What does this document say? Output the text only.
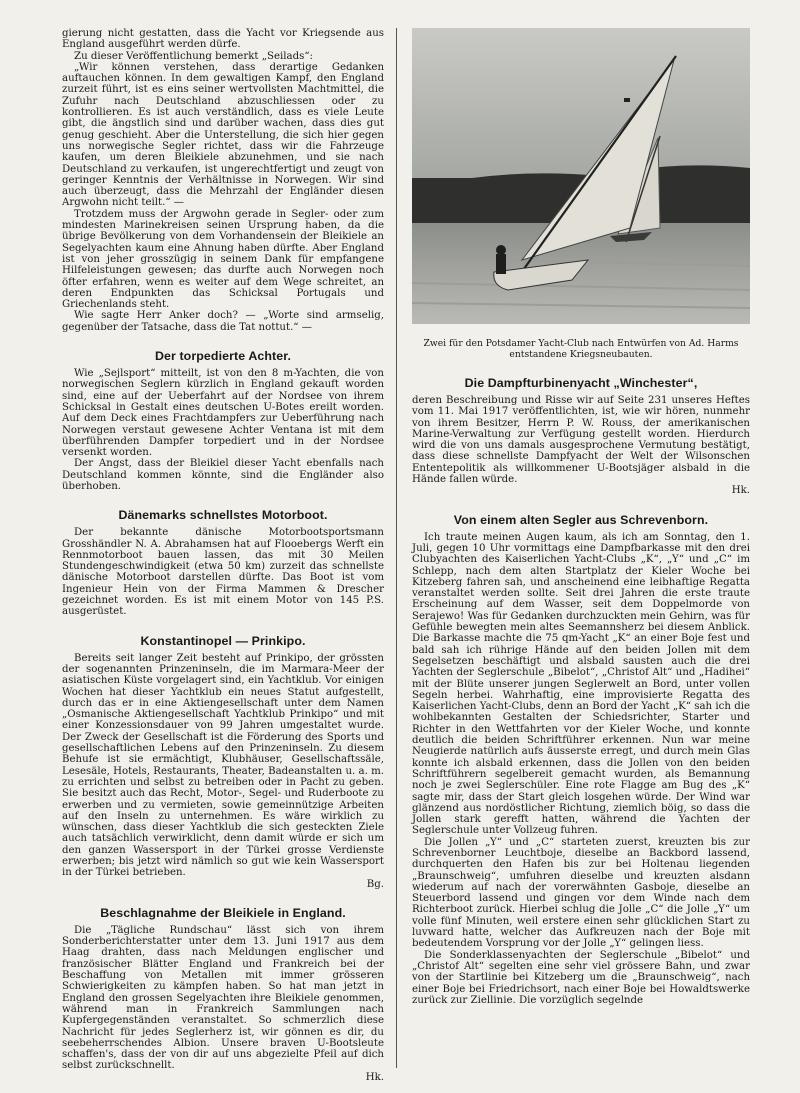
gierung nicht gestatten, dass die Yacht vor Kriegsende aus England ausgeführt werden dürfe.

Zu dieser Veröffentlichung bemerkt „Seilads“:

„Wir können verstehen, dass derartige Gedanken auftauchen können. In dem gewaltigen Kampf, den England zurzeit führt, ist es eins seiner wertvollsten Machtmittel, die Zufuhr nach Deutschland abzuschliessen oder zu kontrollieren. Es ist auch verständlich, dass es viele Leute gibt, die ängstlich sind und darüber wachen, dass dies gut genug geschieht. Aber die Unterstellung, die sich hier gegen uns norwegische Segler richtet, dass wir die Fahrzeuge kaufen, um deren Bleikiele abzunehmen, und sie nach Deutschland zu verkaufen, ist ungerechtfertigt und zeugt von geringer Kenntnis der Verhältnisse in Norwegen. Wir sind auch überzeugt, dass die Mehrzahl der Engländer diesen Argwohn nicht teilt.“ —

Trotzdem muss der Argwohn gerade in Segler- oder zum mindesten Marinekreisen seinen Ursprung haben, da die übrige Bevölkerung von dem Vorhandensein der Bleikiele an Segelyachten kaum eine Ahnung haben dürfte. Aber England ist von jeher grosszügig in seinem Dank für empfangene Hilfeleistungen gewesen; das durfte auch Norwegen noch öfter erfahren, wenn es weiter auf dem Wege schreitet, an deren Endpunkten das Schicksal Portugals und Griechenlands steht.

Wie sagte Herr Anker doch? — „Worte sind armselig, gegenüber der Tatsache, dass die Tat nottut.“ —

Der torpedierte Achter.

Wie „Sejlsport“ mitteilt, ist von den 8 m-Yachten, die von norwegischen Seglern kürzlich in England gekauft worden sind, eine auf der Ueberfahrt auf der Nordsee von ihrem Schicksal in Gestalt eines deutschen U-Botes ereilt worden. Auf dem Deck eines Frachtdampfers zur Ueberführung nach Norwegen verstaut gewesene Achter Ventana ist mit dem überführenden Dampfer torpediert und in der Nordsee versenkt worden.

Der Angst, dass der Bleikiel dieser Yacht ebenfalls nach Deutschland kommen könnte, sind die Engländer also überhoben.

Dänemarks schnellstes Motorboot.

Der bekannte dänische Motorbootsportsmann Grosshändler N. A. Abrahamsen hat auf Flooebergs Werft ein Rennmotorboot bauen lassen, das mit 30 Meilen Stundengeschwindigkeit (etwa 50 km) zurzeit das schnellste dänische Motorboot darstellen dürfte. Das Boot ist vom Ingenieur Hein von der Firma Mammen & Drescher gezeichnet worden. Es ist mit einem Motor von 145 P.S. ausgerüstet.

Konstantinopel — Prinkipo.

Bereits seit langer Zeit besteht auf Prinkipo, der grössten der sogenannten Prinzeninseln, die im Marmara-Meer der asiatischen Küste vorgelagert sind, ein Yachtklub. Vor einigen Wochen hat dieser Yachtklub ein neues Statut aufgestellt, durch das er in eine Aktiengesellschaft unter dem Namen „Osmanische Aktiengesellschaft Yachtklub Prinkipo“ und mit einer Konzessionsdauer von 99 Jahren umgestaltet wurde. Der Zweck der Gesellschaft ist die Förderung des Sports und gesellschaftlichen Lebens auf den Prinzeninseln. Zu diesem Behufe ist sie ermächtigt, Klubhäuser, Gesellschaftssäle, Lesesäle, Hotels, Restaurants, Theater, Badeanstalten u. a. m. zu errichten und selbst zu betreiben oder in Pacht zu geben. Sie besitzt auch das Recht, Motor-, Segel- und Ruderboote zu erwerben und zu vermieten, sowie gemeinnützige Arbeiten auf den Inseln zu unternehmen. Es wäre wirklich zu wünschen, dass dieser Yachtklub die sich gesteckten Ziele auch tatsächlich verwirklicht, denn damit würde er sich um den ganzen Wassersport in der Türkei grosse Verdienste erwerben; bis jetzt wird nämlich so gut wie kein Wassersport in der Türkei betrieben.

Bg.

Beschlagnahme der Bleikiele in England.

Die „Tägliche Rundschau“ lässt sich von ihrem Sonderberichterstatter unter dem 13. Juni 1917 aus dem Haag drahten, dass nach Meldungen englischer und französischer Blätter England und Frankreich bei der Beschaffung von Metallen mit immer grösseren Schwierigkeiten zu kämpfen haben. So hat man jetzt in England den grossen Segelyachten ihre Bleikiele genommen, während man in Frankreich Sammlungen nach Kupfergegenständen veranstaltet. So schmerzlich diese Nachricht für jedes Seglerherz ist, wir gönnen es dir, du seebeherrschendes Albion. Unsere braven U-Bootsleute schaffen's, dass der von dir auf uns abgezielte Pfeil auf dich selbst zurückschnellt.

Hk.

Zwei für den Potsdamer Yacht-Club nach Entwürfen von Ad. Harms entstandene Kriegsneubauten.
Die Dampfturbinenyacht „Winchester“,

deren Beschreibung und Risse wir auf Seite 231 unseres Heftes vom 11. Mai 1917 veröffentlichten, ist, wie wir hören, nunmehr von ihrem Besitzer, Herrn P. W. Rouss, der amerikanischen Marine-Verwaltung zur Verfügung gestellt worden. Hierdurch wird die von uns damals ausgesprochene Vermutung bestätigt, dass diese schnellste Dampfyacht der Welt der Wilsonschen Ententepolitik als willkommener U-Bootsjäger alsbald in die Hände fallen würde.

Hk.

Von einem alten Segler aus Schrevenborn.

Ich traute meinen Augen kaum, als ich am Sonntag, den 1. Juli, gegen 10 Uhr vormittags eine Dampfbarkasse mit den drei Clubyachten des Kaiserlichen Yacht-Clubs „K“, „Y“ und „C“ im Schlepp, nach dem alten Startplatz der Kieler Woche bei Kitzeberg fahren sah, und anscheinend eine leibhaftige Regatta veranstaltet werden sollte. Seit drei Jahren die erste traute Erscheinung auf dem Wasser, seit dem Doppelmorde von Serajewo! Was für Gedanken durchzuckten mein Gehirn, was für Gefühle bewegten mein altes Seemannsherz bei diesem Anblick. Die Barkasse machte die 75 qm-Yacht „K“ an einer Boje fest und bald sah ich rührige Hände auf den beiden Jollen mit dem Segelsetzen beschäftigt und alsbald sausten auch die drei Yachten der Seglerschule „Bibelot“, „Christof Alt“ und „Hadihei“ mit der Blüte unserer jungen Seglerwelt an Bord, unter vollen Segeln herbei. Wahrhaftig, eine improvisierte Regatta des Kaiserlichen Yacht-Clubs, denn an Bord der Yacht „K“ sah ich die wohlbekannten Gestalten der Schiedsrichter, Starter und Richter in den Wettfahrten vor der Kieler Woche, und konnte deutlich die beiden Schriftführer erkennen. Nun war meine Neugierde natürlich aufs äusserste erregt, und durch mein Glas konnte ich alsbald erkennen, dass die Jollen von den beiden Schriftführern segelbereit gemacht wurden, als Bemannung noch je zwei Seglerschüler. Eine rote Flagge am Bug des „K“ sagte mir, dass der Start gleich losgehen würde. Der Wind war glänzend aus nordöstlicher Richtung, ziemlich böig, so dass die Jollen stark gerefft hatten, während die Yachten der Seglerschule unter Vollzeug fuhren.

Die Jollen „Y“ und „C“ starteten zuerst, kreuzten bis zur Schrevenborner Leuchtboje, dieselbe an Backbord lassend, durchquerten den Hafen bis zur bei Holtenau liegenden „Braunschweig“, umfuhren dieselbe und kreuzten alsdann wiederum auf nach der vorerwähnten Gasboje, dieselbe an Steuerbord lassend und gingen vor dem Winde nach dem Richterboot zurück. Hierbei schlug die Jolle „C“ die Jolle „Y“ um volle fünf Minuten, weil erstere einen sehr glücklichen Start zu luvward hatte, welcher das Aufkreuzen nach der Boje mit bedeutendem Vorsprung vor der Jolle „Y“ gelingen liess.

Die Sonderklassenyachten der Seglerschule „Bibelot“ und „Christof Alt“ segelten eine sehr viel grössere Bahn, und zwar von der Startlinie bei Kitzeberg um die „Braunschweig“, nach einer Boje bei Friedrichsort, nach einer Boje bei Howaldtswerke zurück zur Ziellinie. Die vorzüglich segelnde
